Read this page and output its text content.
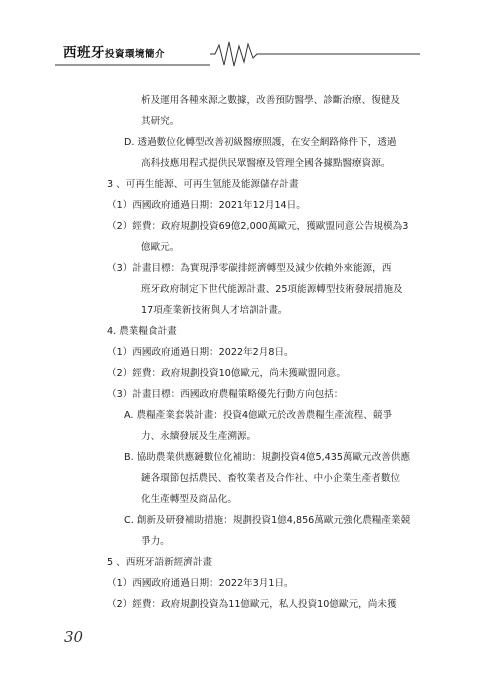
西班牙投資環境簡介
析及運用各種來源之數據，改善預防醫學、診斷治療、復健及
其研究。
D. 透過數位化轉型改善初級醫療照護，在安全網路條件下，透過
高科技應用程式提供民眾醫療及管理全國各據點醫療資源。
3 、可再生能源、可再生氫能及能源儲存計畫
（1）西國政府通過日期：2021年12月14日。
（2）經費：政府規劃投資69億2,000萬歐元，獲歐盟同意公告規模為3
億歐元。
（3）計畫目標：為實現淨零碳排經濟轉型及減少依賴外來能源，西
班牙政府制定下世代能源計畫、25項能源轉型技術發展措施及
17項產業新技術與人才培訓計畫。
4. 農業糧食計畫
（1）西國政府通過日期：2022年2月8日。
（2）經費：政府規劃投資10億歐元，尚未獲歐盟同意。
（3）計畫目標：西國政府農糧策略優先行動方向包括：
A. 農糧產業套裝計畫：投資4億歐元於改善農糧生產流程、競爭
力、永續發展及生產溯源。
B. 協助農業供應鏈數位化補助：規劃投資4億5,435萬歐元改善供應
鏈各環節包括農民、畜牧業者及合作社、中小企業生產者數位
化生產轉型及商品化。
C. 創新及研發補助措施：規劃投資1億4,856萬歐元強化農糧產業競
爭力。
5 、西班牙語新經濟計畫
（1）西國政府通過日期：2022年3月1日。
（2）經費：政府規劃投資為11億歐元，私人投資10億歐元，尚未獲
30
